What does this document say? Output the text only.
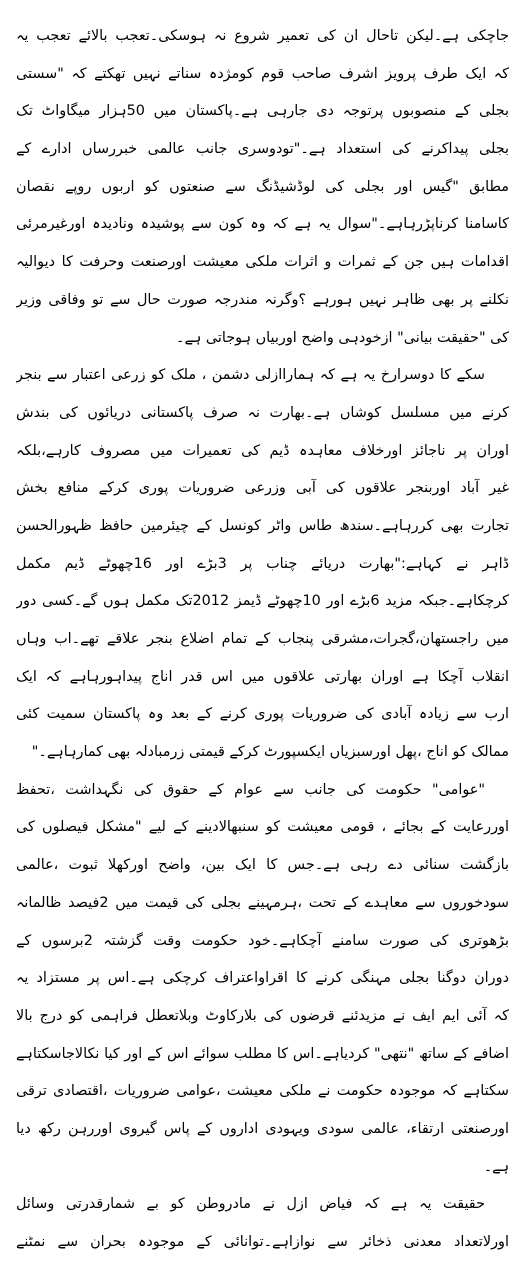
جاچکی ہے۔لیکن تاحال ان کی تعمیر شروع نہ ہوسکی۔تعجب بالائے تعجب یہ
کہ ایک طرف پرویز اشرف صاحب قوم کومژدہ سناتے نہیں تھکتے کہ "سستی
بجلی کے منصوبوں پرتوجہ دی جارہی ہے۔پاکستان میں 50ہزار میگاواٹ تک
بجلی پیداکرنے کی استعداد ہے۔"تودوسری جانب عالمی خبررساں ادارے کے
مطابق "گیس اور بجلی کی لوڈشیڈنگ سے صنعتوں کو اربوں روپے نقصان
کاسامنا کرناپڑرہاہے۔"سوال یہ ہے کہ وہ کون سے پوشیدہ ونادیدہ اورغیرمرئی
اقدامات ہیں جن کے ثمرات و اثرات ملکی معیشت اورصنعت وحرفت کا دیوالیہ
نکلنے پر بھی ظاہر نہیں ہورہے ؟وگرنہ مندرجہ صورت حال سے تو وفاقی وزیر
کی "حقیقت بیانی" ازخودہی واضح اوربیاں ہوجاتی ہے۔
سکے کا دوسرارخ یہ ہے کہ ہماراازلی دشمن ، ملک کو زرعی اعتبار سے بنجر
کرنے میں مسلسل کوشاں ہے۔بھارت نہ صرف پاکستانی دریائوں کی بندش
اوران پر ناجائز اورخلاف معاہدہ ڈیم کی تعمیرات میں مصروف کارہے،بلکہ
غیر آباد اوربنجر علاقوں کی آبی وزرعی ضروریات پوری کرکے منافع بخش
تجارت بھی کررہاہے۔سندھ طاس واٹر کونسل کے چیئرمین حافظ ظہورالحسن
ڈاہر نے کہاہے:"بھارت دریائے چناب پر 3بڑے اور 16چھوٹے ڈیم مکمل
کرچکاہے۔جبکہ مزید 6بڑے اور 10چھوٹے ڈیمز 2012تک مکمل ہوں گے۔کسی دور
میں راجستھان،گجرات،مشرقی پنجاب کے تمام اضلاع بنجر علاقے تھے۔اب وہاں
انقلاب آچکا ہے اوران بھارتی علاقوں میں اس قدر اناج پیداہورہاہے کہ ایک
ارب سے زیادہ آبادی کی ضروریات پوری کرنے کے بعد وہ پاکستان سمیت کئی
ممالک کو اناج ،پھل اورسبزیاں ایکسپورٹ کرکے قیمتی زرمبادلہ بھی کمارہاہے۔"
"عوامی" حکومت کی جانب سے عوام کے حقوق کی نگہداشت ،تحفظ
اوررعایت کے بجائے ، قومی معیشت کو سنبھالادینے کے لیے "مشکل فیصلوں کی
بازگشت سنائی دے رہی ہے۔جس کا ایک بین، واضح اورکھلا ثبوت ،عالمی
سودخوروں سے معاہدے کے تحت ،ہرمہینے بجلی کی قیمت میں 2فیصد ظالمانہ
بڑھوتری کی صورت سامنے آچکاہے۔خود حکومت وقت گزشتہ 2برسوں کے
دوران دوگنا بجلی مہنگی کرنے کا اقراواعتراف کرچکی ہے۔اس پر مستزاد یہ
کہ آئی ایم ایف نے مزیدئنے قرضوں کی بلارکاوٹ وبلاتعطل فراہمی کو درج بالا
اضافے کے ساتھ "نتھی" کردیاہے۔اس کا مطلب سوائے اس کے اور کیا نکالاجاسکتاہے
سکتاہے کہ موجودہ حکومت نے ملکی معیشت ،عوامی ضروریات ،اقتصادی ترقی
اورصنعتی ارتقاء، عالمی سودی ویہودی اداروں کے پاس گیروی اوررہن رکھ دیا
ہے۔
حقیقت یہ ہے کہ فیاض ازل نے مادروطن کو بے شمارقدرتی وسائل
اورلاتعداد معدنی ذخائر سے نوازاہے۔توانائی کے موجودہ بحران سے نمٹنے
